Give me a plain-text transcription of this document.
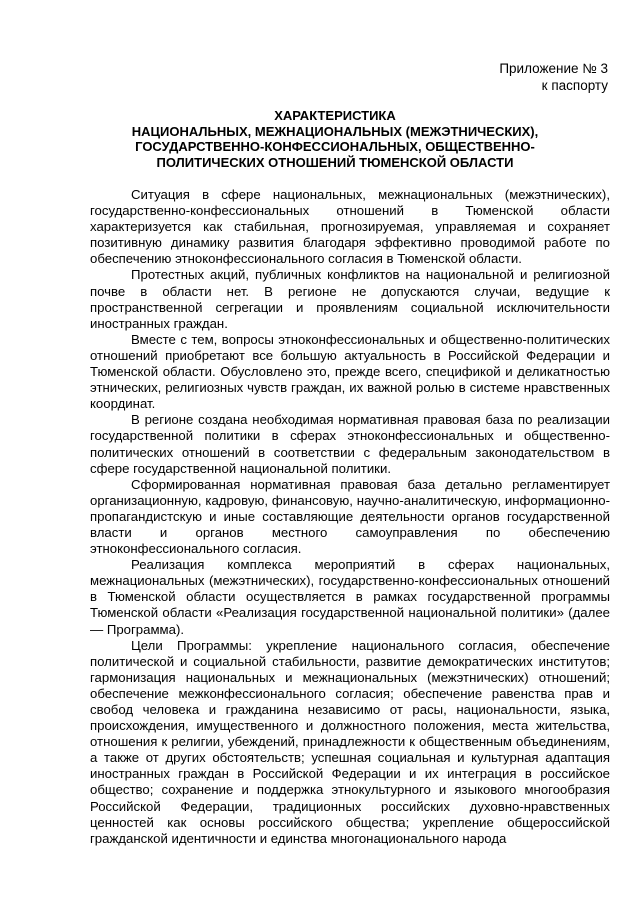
Приложение № 3
к паспорту
ХАРАКТЕРИСТИКА
НАЦИОНАЛЬНЫХ, МЕЖНАЦИОНАЛЬНЫХ (МЕЖЭТНИЧЕСКИХ),
ГОСУДАРСТВЕННО-КОНФЕССИОНАЛЬНЫХ, ОБЩЕСТВЕННО-
ПОЛИТИЧЕСКИХ ОТНОШЕНИЙ ТЮМЕНСКОЙ ОБЛАСТИ

Ситуация в сфере национальных, межнациональных (межэтнических), государственно-конфессиональных отношений в Тюменской области характеризуется как стабильная, прогнозируемая, управляемая и сохраняет позитивную динамику развития благодаря эффективно проводимой работе по обеспечению этноконфессионального согласия в Тюменской области.

Протестных акций, публичных конфликтов на национальной и религиозной почве в области нет. В регионе не допускаются случаи, ведущие к пространственной сегрегации и проявлениям социальной исключительности иностранных граждан.

Вместе с тем, вопросы этноконфессиональных и общественно-политических отношений приобретают все большую актуальность в Российской Федерации и Тюменской области. Обусловлено это, прежде всего, спецификой и деликатностью этнических, религиозных чувств граждан, их важной ролью в системе нравственных координат.

В регионе создана необходимая нормативная правовая база по реализации государственной политики в сферах этноконфессиональных и общественно-политических отношений в соответствии с федеральным законодательством в сфере государственной национальной политики.

Сформированная нормативная правовая база детально регламентирует организационную, кадровую, финансовую, научно-аналитическую, информационно-пропагандистскую и иные составляющие деятельности органов государственной власти и органов местного самоуправления по обеспечению этноконфессионального согласия.

Реализация комплекса мероприятий в сферах национальных, межнациональных (межэтнических), государственно-конфессиональных отношений в Тюменской области осуществляется в рамках государственной программы Тюменской области «Реализация государственной национальной политики» (далее — Программа).

Цели Программы: укрепление национального согласия, обеспечение политической и социальной стабильности, развитие демократических институтов; гармонизация национальных и межнациональных (межэтнических) отношений; обеспечение межконфессионального согласия; обеспечение равенства прав и свобод человека и гражданина независимо от расы, национальности, языка, происхождения, имущественного и должностного положения, места жительства, отношения к религии, убеждений, принадлежности к общественным объединениям, а также от других обстоятельств; успешная социальная и культурная адаптация иностранных граждан в Российской Федерации и их интеграция в российское общество; сохранение и поддержка этнокультурного и языкового многообразия Российской Федерации, традиционных российских духовно-нравственных ценностей как основы российского общества; укрепление общероссийской гражданской идентичности и единства многонационального народа
